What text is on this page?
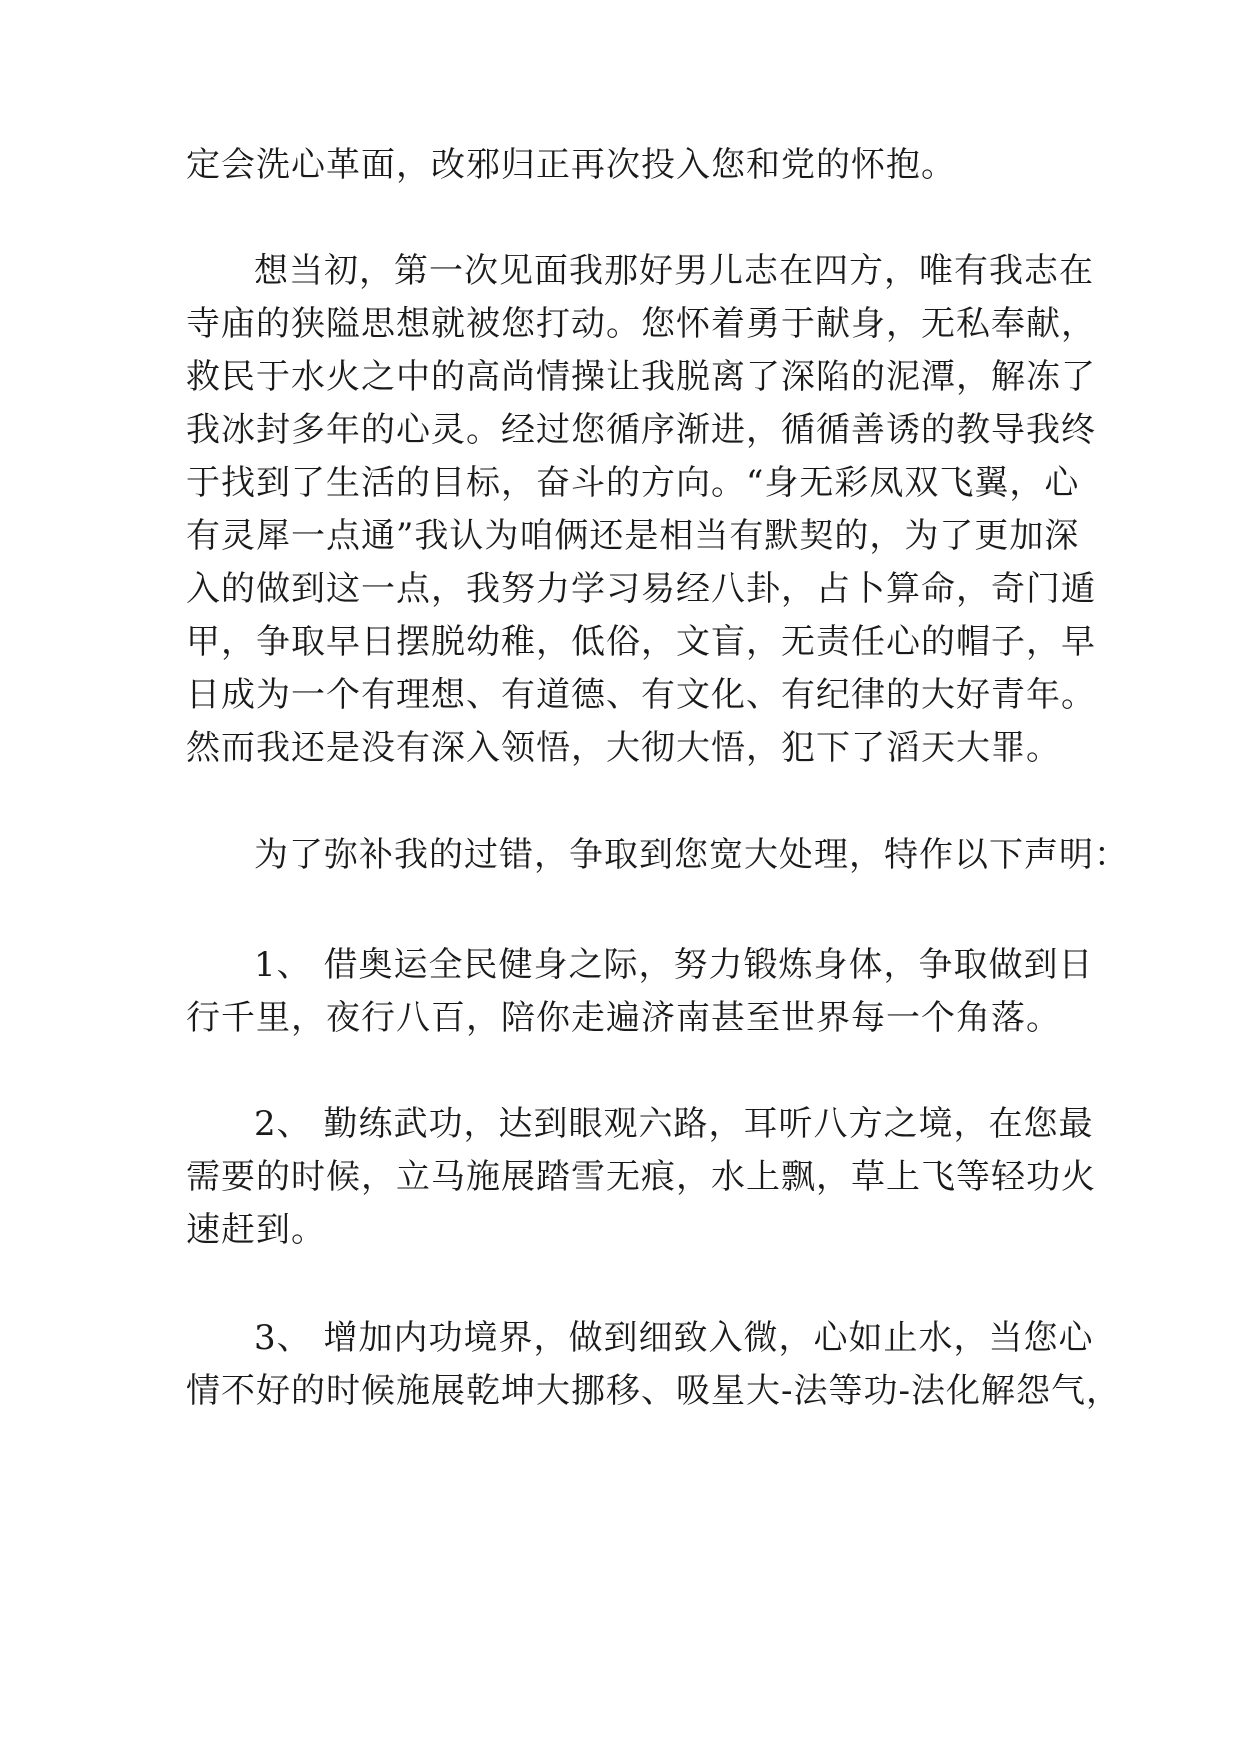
定会洗心革面，改邪归正再次投入您和党的怀抱。
想当初，第一次见面我那好男儿志在四方，唯有我志在
寺庙的狭隘思想就被您打动。您怀着勇于献身，无私奉献，
救民于水火之中的高尚情操让我脱离了深陷的泥潭，解冻了
我冰封多年的心灵。经过您循序渐进，循循善诱的教导我终
于找到了生活的目标，奋斗的方向。“身无彩凤双飞翼，心
有灵犀一点通”我认为咱俩还是相当有默契的，为了更加深
入的做到这一点，我努力学习易经八卦，占卜算命，奇门遁
甲，争取早日摆脱幼稚，低俗，文盲，无责任心的帽子，早
日成为一个有理想、有道德、有文化、有纪律的大好青年。
然而我还是没有深入领悟，大彻大悟，犯下了滔天大罪。
为了弥补我的过错，争取到您宽大处理，特作以下声明：
1、 借奥运全民健身之际，努力锻炼身体，争取做到日
行千里，夜行八百，陪你走遍济南甚至世界每一个角落。
2、 勤练武功，达到眼观六路，耳听八方之境，在您最
需要的时候，立马施展踏雪无痕，水上飘，草上飞等轻功火
速赶到。
3、 增加内功境界，做到细致入微，心如止水，当您心
情不好的时候施展乾坤大挪移、吸星大-法等功-法化解怨气，
